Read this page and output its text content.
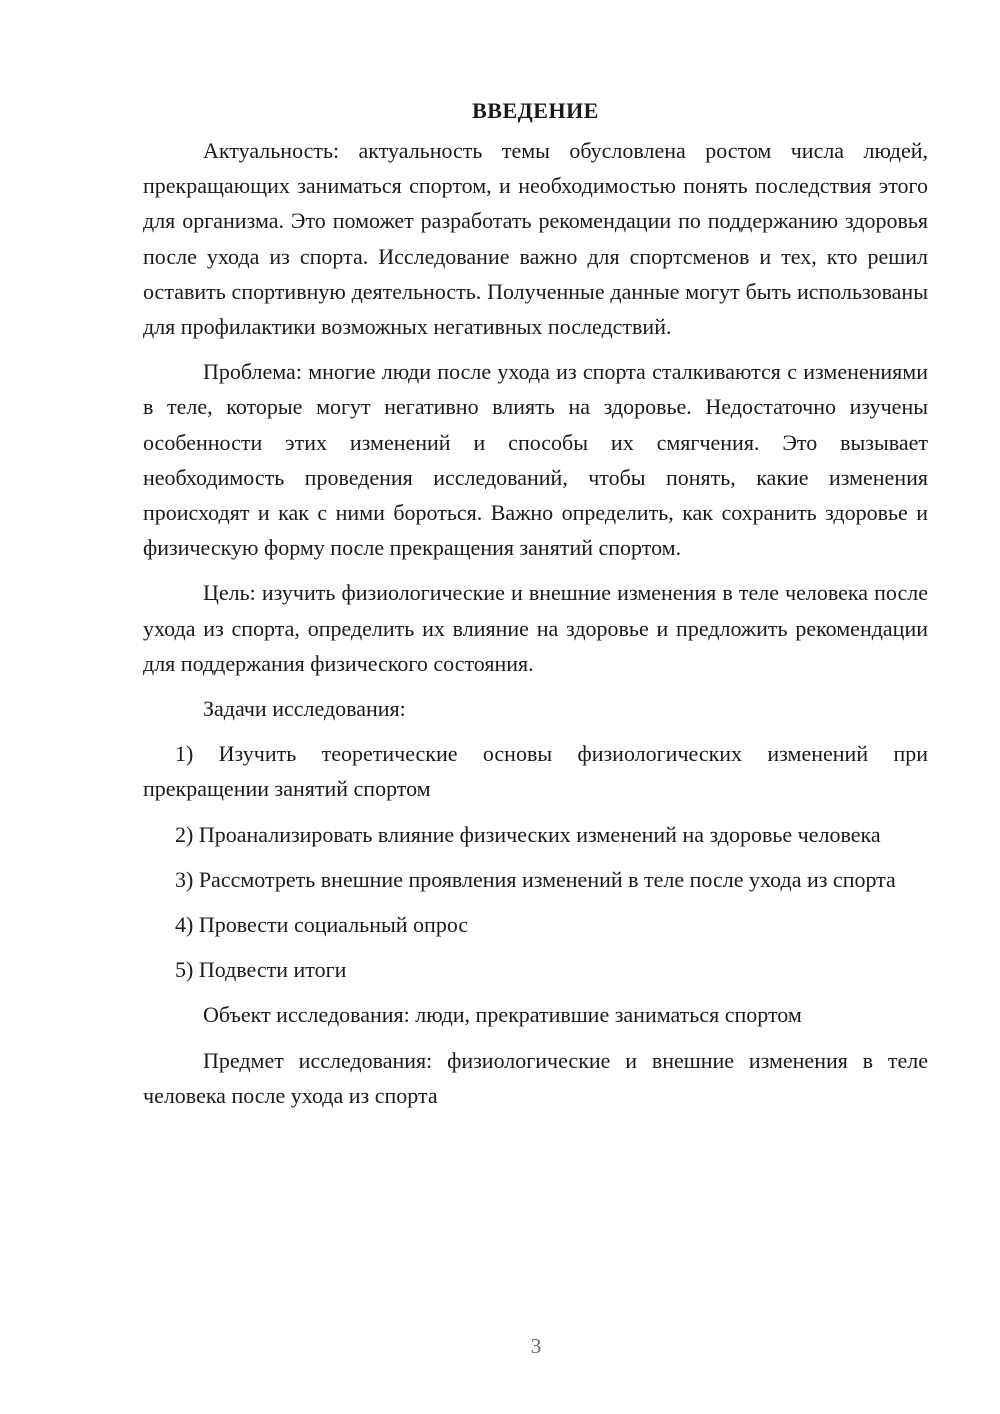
ВВЕДЕНИЕ

Актуальность: актуальность темы обусловлена ростом числа людей, прекращающих заниматься спортом, и необходимостью понять последствия этого для организма. Это поможет разработать рекомендации по поддержанию здоровья после ухода из спорта. Исследование важно для спортсменов и тех, кто решил оставить спортивную деятельность. Полученные данные могут быть использованы для профилактики возможных негативных последствий.

Проблема: многие люди после ухода из спорта сталкиваются с изменениями в теле, которые могут негативно влиять на здоровье. Недостаточно изучены особенности этих изменений и способы их смягчения. Это вызывает необходимость проведения исследований, чтобы понять, какие изменения происходят и как с ними бороться. Важно определить, как сохранить здоровье и физическую форму после прекращения занятий спортом.

Цель: изучить физиологические и внешние изменения в теле человека после ухода из спорта, определить их влияние на здоровье и предложить рекомендации для поддержания физического состояния.

Задачи исследования:

1) Изучить теоретические основы физиологических изменений при прекращении занятий спортом

2) Проанализировать влияние физических изменений на здоровье человека

3) Рассмотреть внешние проявления изменений в теле после ухода из спорта

4) Провести социальный опрос

5) Подвести итоги

Объект исследования: люди, прекратившие заниматься спортом

Предмет исследования: физиологические и внешние изменения в теле человека после ухода из спорта

3
